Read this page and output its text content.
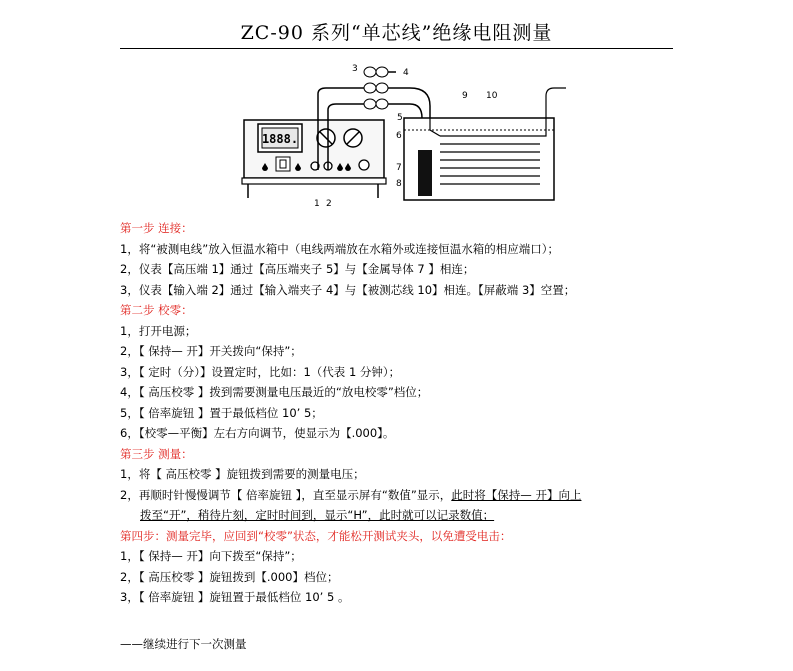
ZC-90 系列“单芯线”绝缘电阻测量
1888.
3	4
5
6
7
8
9 10
1 2
第一步 连接：
1，将“被测电线”放入恒温水箱中（电线两端放在水箱外或连接恒温水箱的相应端口）；
2，仪表【高压端 1】通过【高压端夹子 5】与【金属导体 7 】相连；
3，仪表【输入端 2】通过【输入端夹子 4】与【被测芯线 10】相连。【屏蔽端 3】空置；
第二步 校零：
1，打开电源；
2，【 保持— 开】开关拨向“保持”；
3，【 定时（分）】设置定时，比如：1（代表 1 分钟）；
4，【 高压校零 】拨到需要测量电压最近的“放电校零”档位；
5，【 倍率旋钮 】置于最低档位 10’ 5；
6，【校零—平衡】左右方向调节，使显示为【.000】。
第三步 测量：
1，将【 高压校零 】旋钮拨到需要的测量电压；
2，再顺时针慢慢调节【 倍率旋钮 】，直至显示屏有“数值”显示，此时将【保持— 开】向上
拨至“开”，稍待片刻，定时时间到，显示“H”，此时就可以记录数值；
第四步：测量完毕，应回到“校零”状态，才能松开测试夹头，以免遭受电击：
1，【 保持— 开】向下拨至“保持”；
2，【 高压校零 】旋钮拨到【.000】档位；
3，【 倍率旋钮 】旋钮置于最低档位 10’ 5 。
——继续进行下一次测量
